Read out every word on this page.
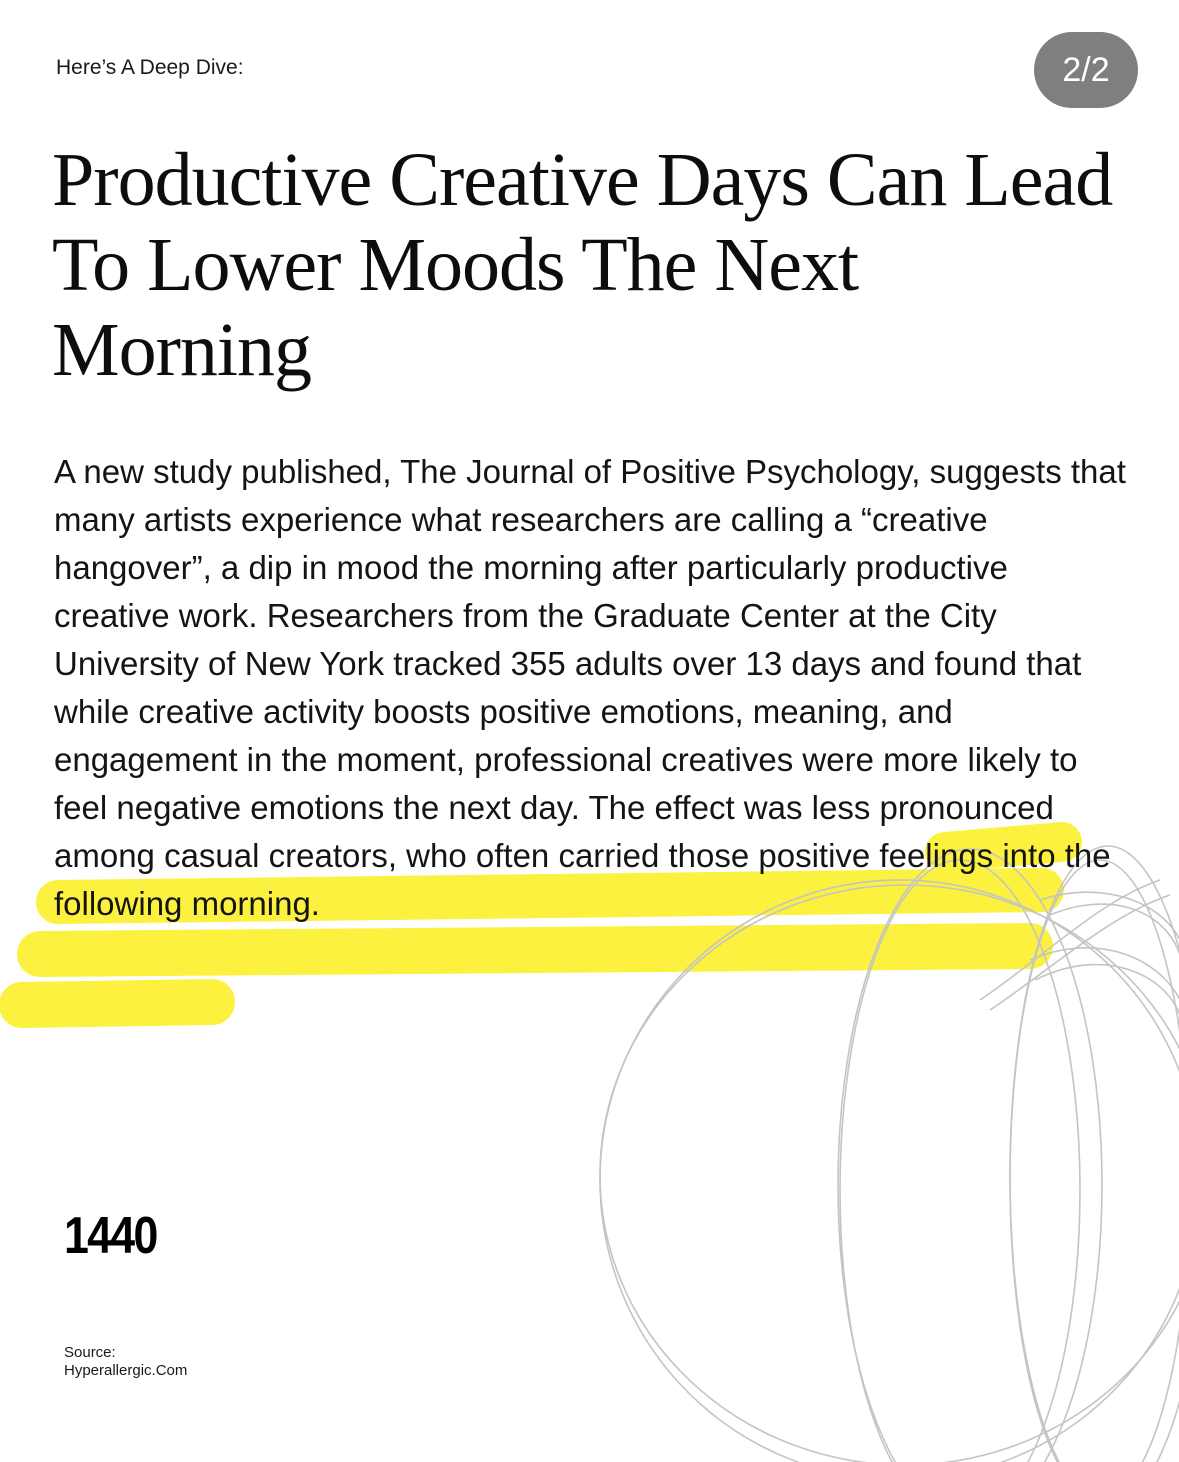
Here’s A Deep Dive:	2/2
Productive Creative Days Can Lead To Lower Moods The Next Morning

A new study published, The Journal of Positive Psychology, suggests that many artists experience what researchers are calling a “creative hangover”, a dip in mood the morning after particularly productive creative work. Researchers from the Graduate Center at the City University of New York tracked 355 adults over 13 days and found that while creative activity boosts positive emotions, meaning, and engagement in the moment, professional creatives were more likely to feel negative emotions the next day. The effect was less pronounced among casual creators, who often carried those positive feelings into the following morning.

1440
Source:
Hyperallergic.Com
